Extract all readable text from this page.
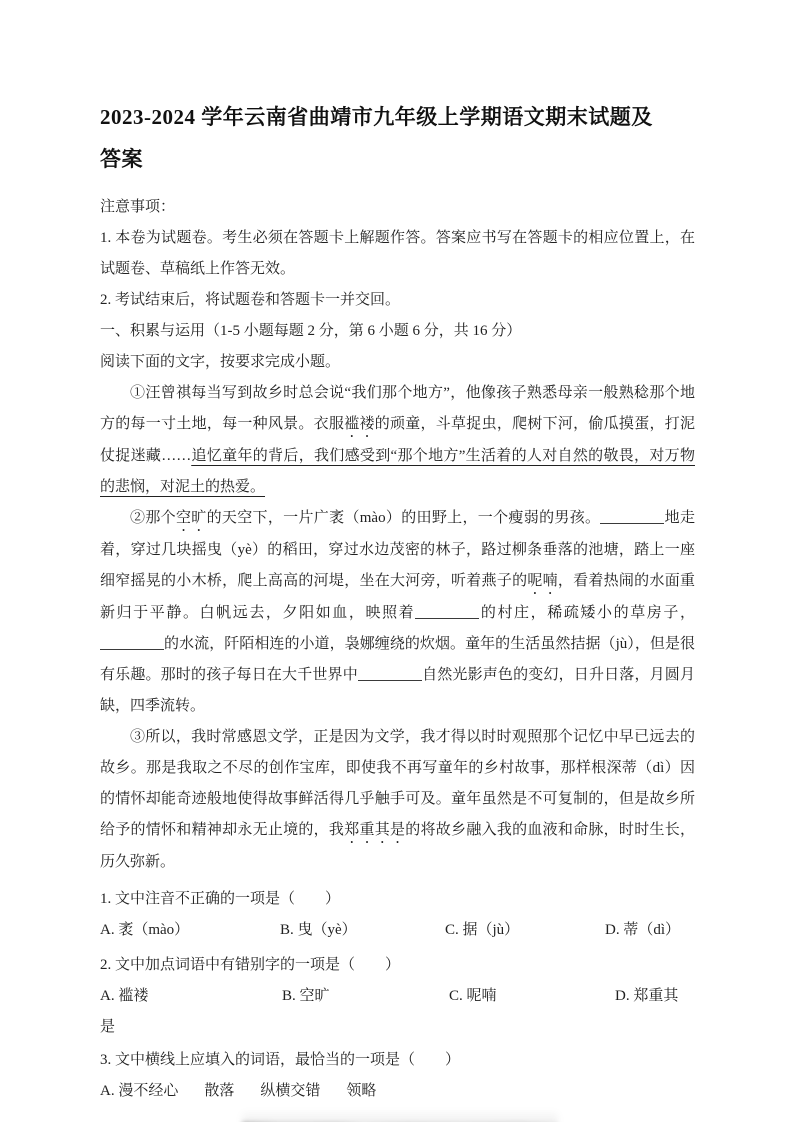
2023-2024 学年云南省曲靖市九年级上学期语文期末试题及
答案
注意事项：
1. 本卷为试题卷。考生必须在答题卡上解题作答。答案应书写在答题卡的相应位置上，在试题卷、草稿纸上作答无效。
2. 考试结束后，将试题卷和答题卡一并交回。
一、积累与运用（1-5 小题每题 2 分，第 6 小题 6 分，共 16 分）
阅读下面的文字，按要求完成小题。

①汪曾祺每当写到故乡时总会说“我们那个地方”，他像孩子熟悉母亲一般熟稔那个地方的每一寸土地，每一种风景。衣服褴褛的顽童，斗草捉虫，爬树下河，偷瓜摸蛋，打泥仗捉迷藏……追忆童年的背后，我们感受到“那个地方”生活着的人对自然的敬畏，对万物的悲悯，对泥土的热爱。

②那个空旷的天空下，一片广袤（mào）的田野上，一个瘦弱的男孩。	地走着，穿过几块摇曳（yè）的稻田，穿过水边茂密的林子，路过柳条垂落的池塘，踏上一座细窄摇晃的小木桥，爬上高高的河堤，坐在大河旁，听着燕子的呢喃，看着热闹的水面重新归于平静。白帆远去，夕阳如血，映照着	的村庄，稀疏矮小的草房子，的水流，阡陌相连的小道，袅娜缠绕的炊烟。童年的生活虽然拮据（jù），但是很有乐趣。那时的孩子每日在大千世界中	自然光影声色的变幻，日升日落，月圆月缺，四季流转。

③所以，我时常感恩文学，正是因为文学，我才得以时时观照那个记忆中早已远去的故乡。那是我取之不尽的创作宝库，即使我不再写童年的乡村故事，那样根深蒂（dì）因的情怀却能奇迹般地使得故事鲜活得几乎触手可及。童年虽然是不可复制的，但是故乡所给予的情怀和精神却永无止境的，我郑重其是的将故乡融入我的血液和命脉，时时生长，历久弥新。

1. 文中注音不正确的一项是（　　）
A. 袤（mào）	B. 曳（yè）	C. 据（jù）	D. 蒂（dì）
2. 文中加点词语中有错别字的一项是（　　）
A. 褴褛	B. 空旷	C. 呢喃	D. 郑重其是
3. 文中横线上应填入的词语，最恰当的一项是（　　）
A. 漫不经心 散落 纵横交错 领略
